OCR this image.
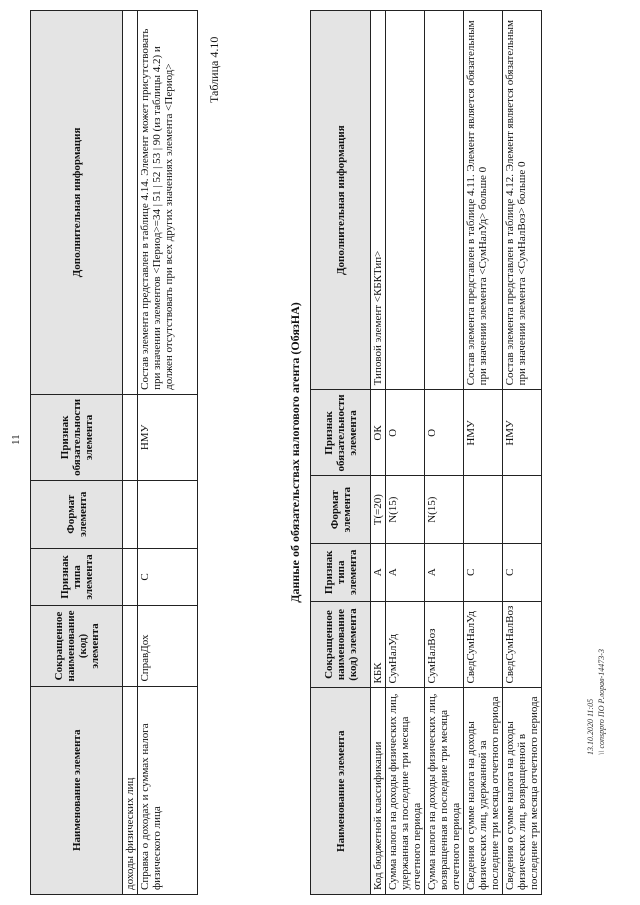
11
Наименование элемента	Сокращенное наименование (код) элемента	Признак типа элемента	Формат элемента	Признак обязательности элемента	Дополнительная информация
доходы физических лиц					
Справка о доходах и суммах налога физического лица	СправДох	С		НМУ	Состав элемента представлен в таблице 4.14. Элемент может присутствовать при значении элементов <Период>=34 | 51 | 52 | 53 | 90 (из таблицы 4.2) и должен отсутствовать при всех других значениях элемента <Период>	Таблица 4.10
Данные об обязательствах налогового агента (ОбязНА)
Наименование элемента	Сокращенное наименование (код) элемента	Признак типа элемента	Формат элемента	Признак обязательности элемента	Дополнительная информация
Код бюджетной классификации	КБК	А	T(=20)	ОК	Типовой элемент <КБКТип>
Сумма налога на доходы физических лиц, удержанная за последние три месяца отчетного периода	СумНалУд	А	N(15)	О	
Сумма налога на доходы физических лиц, возвращенная в последние три месяца отчетного периода	СумНалВоз	А	N(15)	О	
Сведения о сумме налога на доходы физических лиц, удержанной за последние три месяца отчетного периода	СведСумНалУд	С		НМУ	Состав элемента представлен в таблице 4.11. Элемент является обязательным при значении элемента <СумНалУд> больше 0
Сведения о сумме налога на доходы физических лиц, возвращенной в последние три месяца отчетного периода	СведСумНалВоз	С		НМУ	Состав элемента представлен в таблице 4.12. Элемент является обязательным при значении элемента <СумНалВоз> больше 0
13.10.2020 11:05 \\ consppro ПО Р.лорав-14473-3
